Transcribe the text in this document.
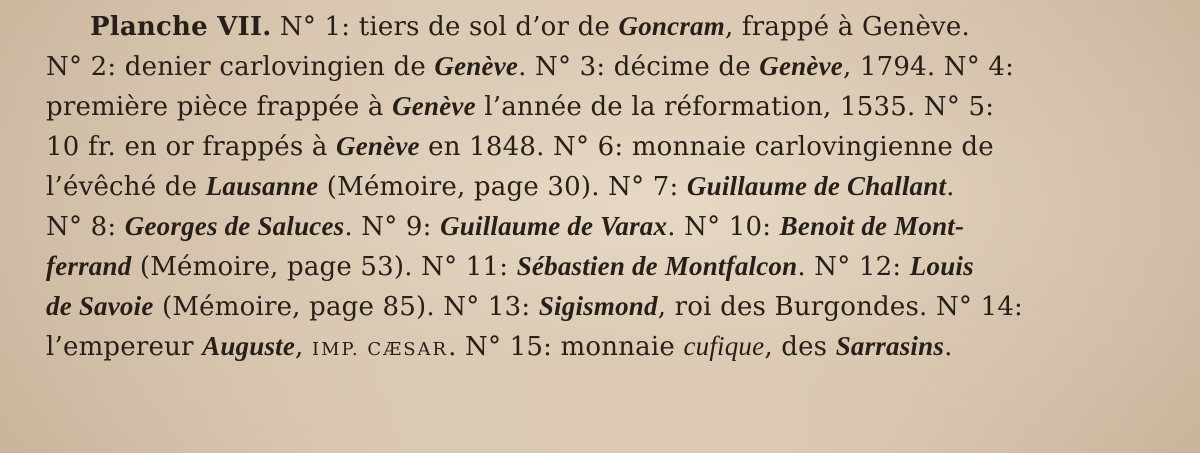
Planche VII. N° 1: tiers de sol d’or de Goncram, frappé à Genève.
N° 2: denier carlovingien de Genève. N° 3: décime de Genève, 1794. N° 4:
première pièce frappée à Genève l’année de la réformation, 1535. N° 5:
10 fr. en or frappés à Genève en 1848. N° 6: monnaie carlovingienne de
l’évêché de Lausanne (Mémoire, page 30). N° 7: Guillaume de Challant.
N° 8: Georges de Saluces. N° 9: Guillaume de Varax. N° 10: Benoit de Mont-
ferrand (Mémoire, page 53). N° 11: Sébastien de Montfalcon. N° 12: Louis
de Savoie (Mémoire, page 85). N° 13: Sigismond, roi des Burgondes. N° 14:
l’empereur Auguste, IMP. CÆSAR. N° 15: monnaie cufique, des Sarrasins.
